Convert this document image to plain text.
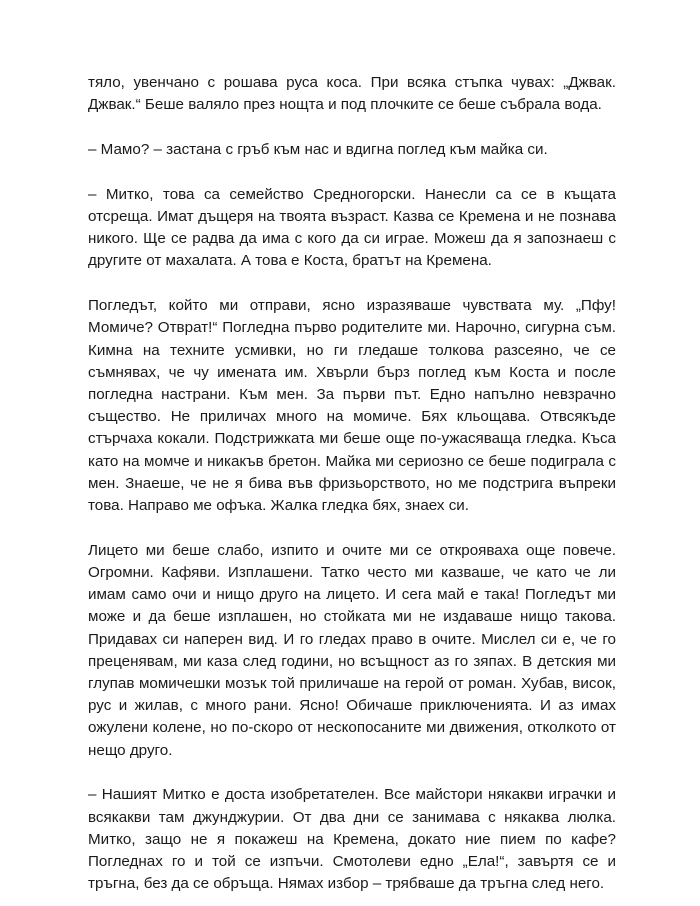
тяло, увенчано с рошава руса коса. При всяка стъпка чувах: „Джвак. Джвак.“ Беше валяло през нощта и под плочките се беше събрала вода.

– Мамо? – застана с гръб към нас и вдигна поглед към майка си.

– Митко, това са семейство Средногорски. Нанесли са се в къщата отсреща. Имат дъщеря на твоята възраст. Казва се Кремена и не познава никого. Ще се радва да има с кого да си играе. Можеш да я запознаеш с другите от махалата. А това е Коста, братът на Кремена.

Погледът, който ми отправи, ясно изразяваше чувствата му. „Пфу! Момиче? Отврат!“ Погледна първо родителите ми. Нарочно, сигурна съм. Кимна на техните усмивки, но ги гледаше толкова разсеяно, че се съмнявах, че чу имената им. Хвърли бърз поглед към Коста и после погледна настрани. Към мен. За първи път. Едно напълно невзрачно същество. Не приличах много на момиче. Бях кльощава. Отвсякъде стърчаха кокали. Подстрижката ми беше още по-ужасяваща гледка. Къса като на момче и никакъв бретон. Майка ми сериозно се беше подиграла с мен. Знаеше, че не я бива във фризьорството, но ме подстрига въпреки това. Направо ме офъка. Жалка гледка бях, знаех си.

Лицето ми беше слабо, изпито и очите ми се открояваха още повече. Огромни. Кафяви. Изплашени. Татко често ми казваше, че като че ли имам само очи и нищо друго на лицето. И сега май е така! Погледът ми може и да беше изплашен, но стойката ми не издаваше нищо такова. Придавах си наперен вид. И го гледах право в очите. Мислел си е, че го преценявам, ми каза след години, но всъщност аз го зяпах. В детския ми глупав момичешки мозък той приличаше на герой от роман. Хубав, висок, рус и жилав, с много рани. Ясно! Обичаше приключенията. И аз имах ожулени колене, но по-скоро от нескопосаните ми движения, отколкото от нещо друго.

– Нашият Митко е доста изобретателен. Все майстори някакви играчки и всякакви там джунджурии. От два дни се занимава с някаква люлка. Митко, защо не я покажеш на Кремена, докато ние пием по кафе? Погледнах го и той се изпъчи. Смотолеви едно „Ела!“, завъртя се и тръгна, без да се обръща. Нямах избор – трябваше да тръгна след него.
